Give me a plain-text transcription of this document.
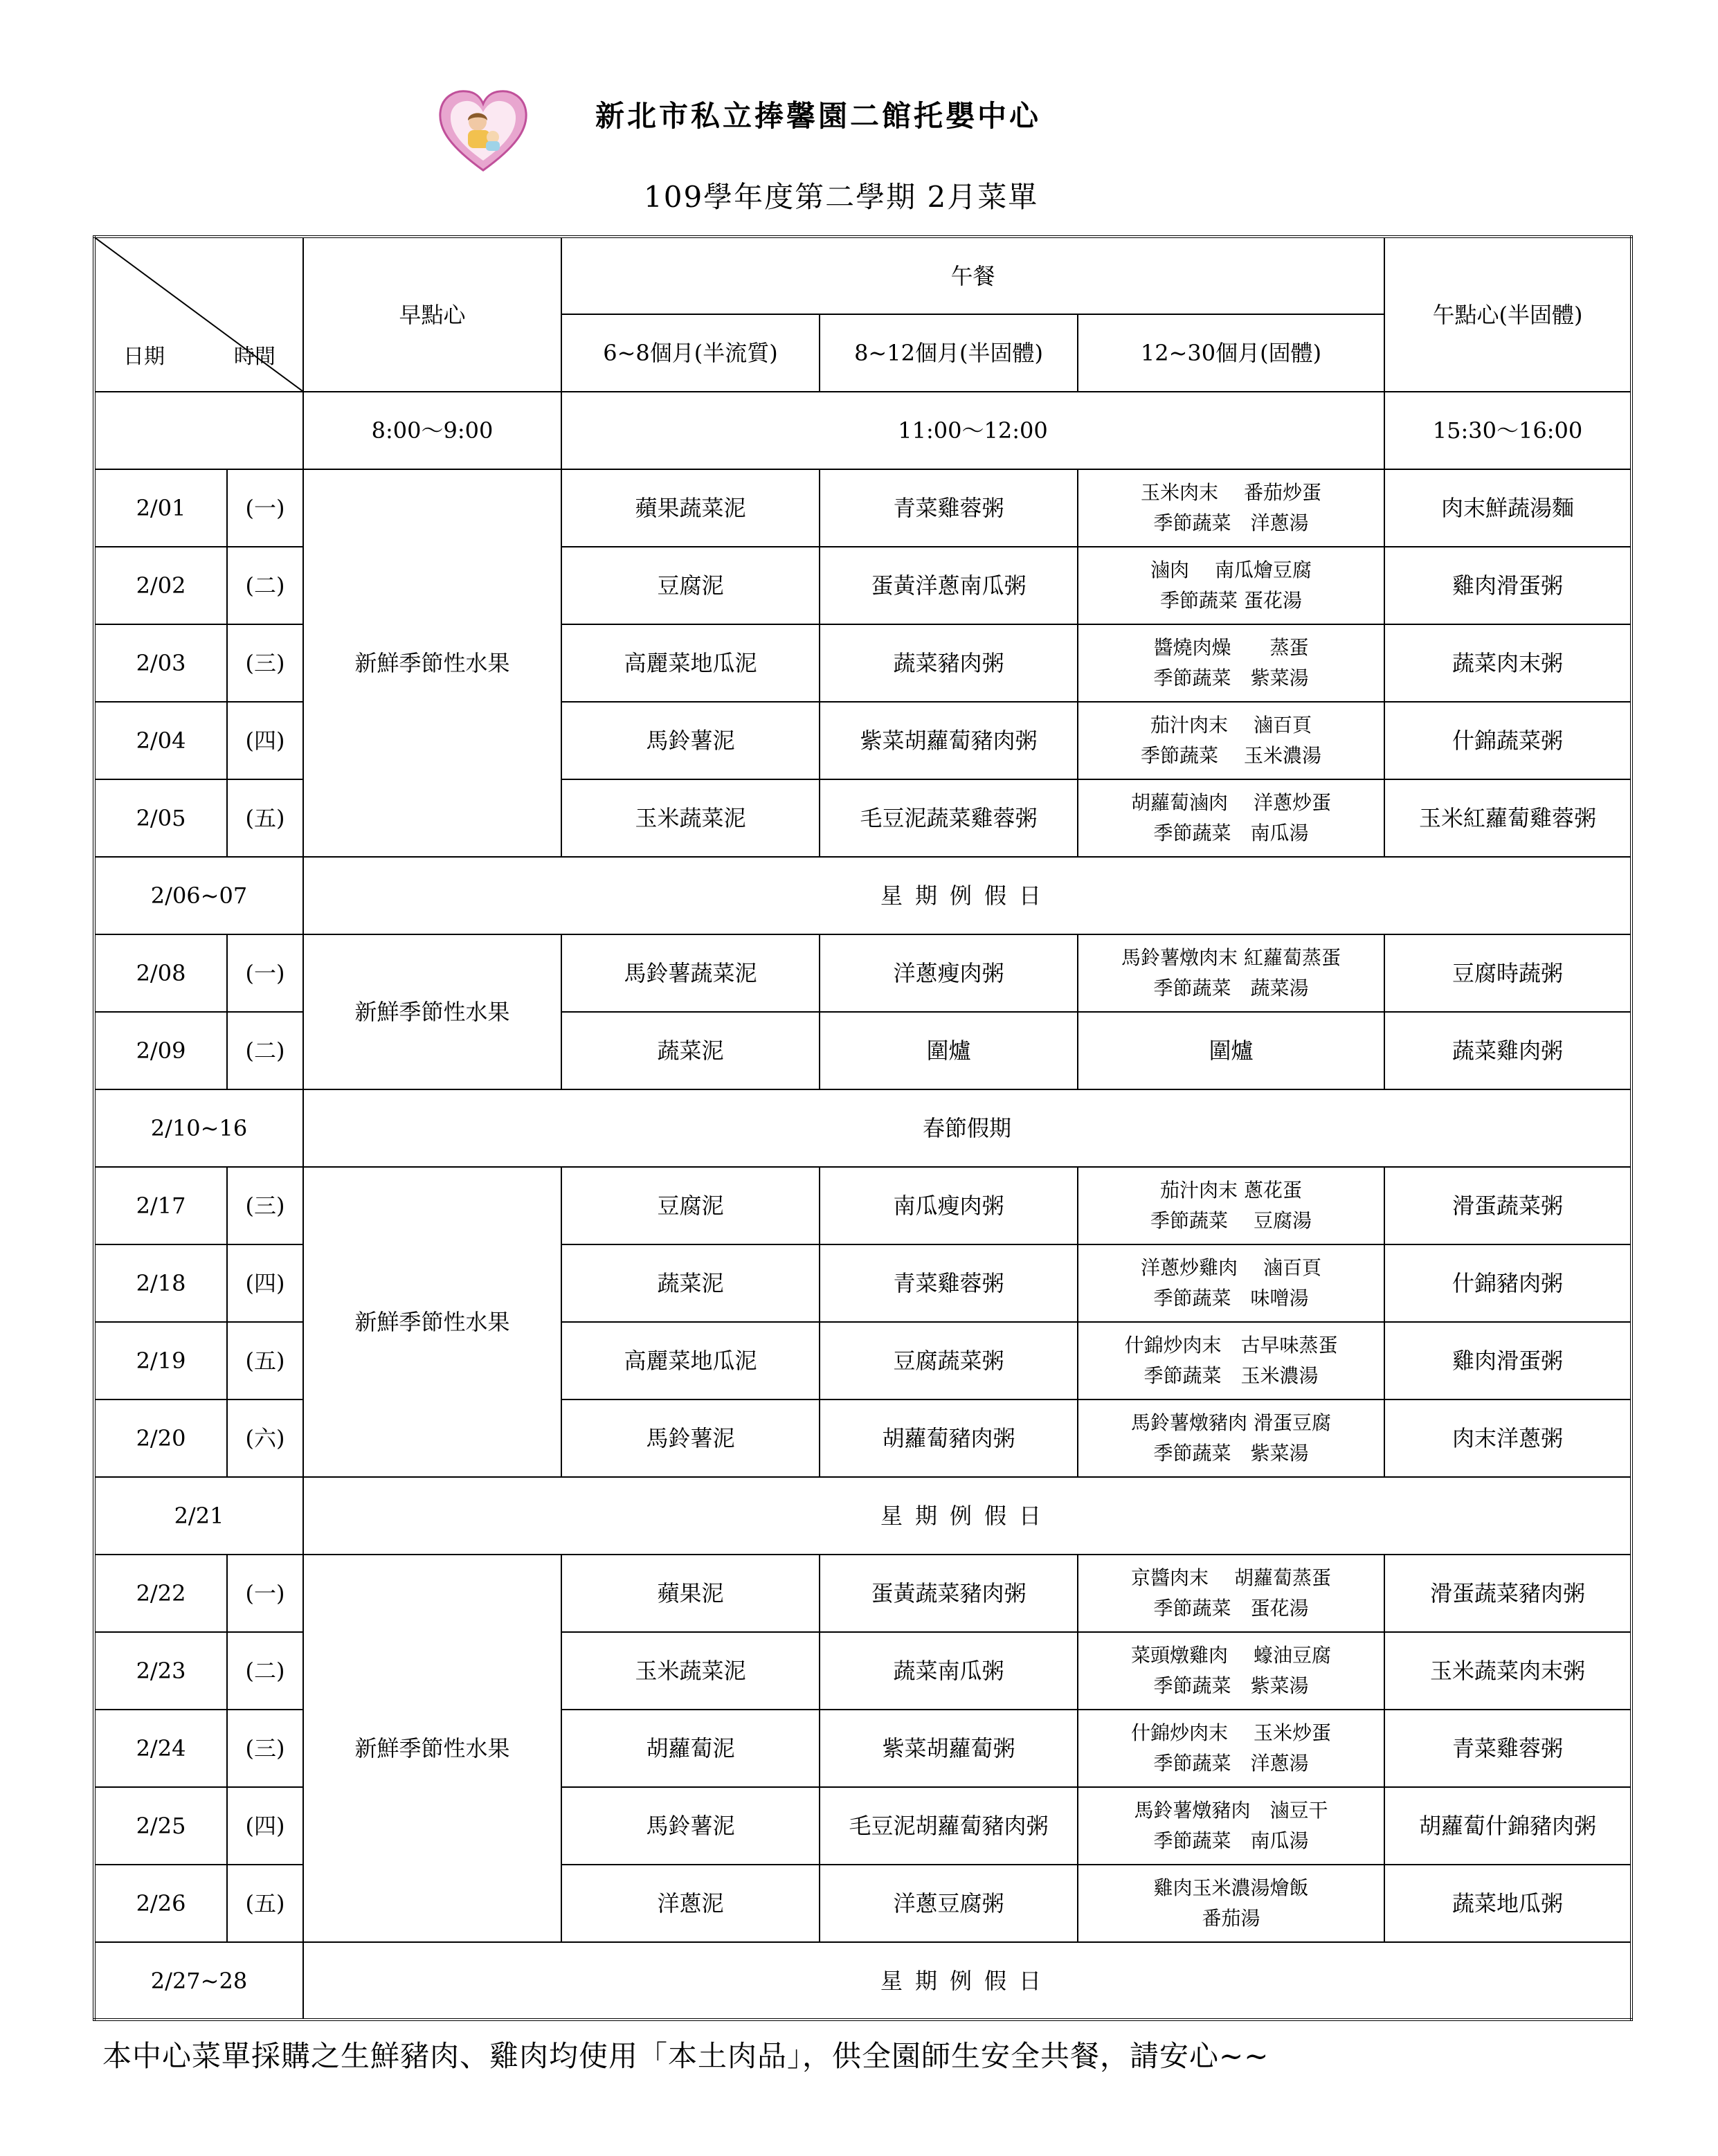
新北市私立捧馨園二館托嬰中心
109學年度第二學期 2月菜單
日期 時間		早點心	午餐			午點心(半固體)
			6~8個月(半流質)	8~12個月(半固體)	12~30個月(固體)	
		8:00～9:00	11:00～12:00			15:30～16:00
2/01	(一)	新鮮季節性水果	蘋果蔬菜泥	青菜雞蓉粥	玉米肉末　 番茄炒蛋
季節蔬菜　洋蔥湯	肉末鮮蔬湯麵
2/02	(二)		豆腐泥	蛋黃洋蔥南瓜粥	滷肉　 南瓜燴豆腐
季節蔬菜 蛋花湯	雞肉滑蛋粥
2/03	(三)		高麗菜地瓜泥	蔬菜豬肉粥	醬燒肉燥　　蒸蛋
季節蔬菜　紫菜湯	蔬菜肉末粥
2/04	(四)		馬鈴薯泥	紫菜胡蘿蔔豬肉粥	茄汁肉末　 滷百頁
季節蔬菜　 玉米濃湯	什錦蔬菜粥
2/05	(五)		玉米蔬菜泥	毛豆泥蔬菜雞蓉粥	胡蘿蔔滷肉　 洋蔥炒蛋
季節蔬菜　南瓜湯	玉米紅蘿蔔雞蓉粥
2/06~07		星期例假日				
2/08	(一)	新鮮季節性水果	馬鈴薯蔬菜泥	洋蔥瘦肉粥	馬鈴薯燉肉末 紅蘿蔔蒸蛋
季節蔬菜　蔬菜湯	豆腐時蔬粥
2/09	(二)		蔬菜泥	圍爐	圍爐	蔬菜雞肉粥
2/10~16		春節假期				
2/17	(三)	新鮮季節性水果	豆腐泥	南瓜瘦肉粥	茄汁肉末 蔥花蛋
季節蔬菜　 豆腐湯	滑蛋蔬菜粥
2/18	(四)		蔬菜泥	青菜雞蓉粥	洋蔥炒雞肉　 滷百頁
季節蔬菜　味噌湯	什錦豬肉粥
2/19	(五)		高麗菜地瓜泥	豆腐蔬菜粥	什錦炒肉末　古早味蒸蛋
季節蔬菜　玉米濃湯	雞肉滑蛋粥
2/20	(六)		馬鈴薯泥	胡蘿蔔豬肉粥	馬鈴薯燉豬肉 滑蛋豆腐
季節蔬菜　紫菜湯	肉末洋蔥粥
2/21		星期例假日				
2/22	(一)	新鮮季節性水果	蘋果泥	蛋黃蔬菜豬肉粥	京醬肉末　 胡蘿蔔蒸蛋
季節蔬菜　蛋花湯	滑蛋蔬菜豬肉粥
2/23	(二)		玉米蔬菜泥	蔬菜南瓜粥	菜頭燉雞肉　 蠔油豆腐
季節蔬菜　紫菜湯	玉米蔬菜肉末粥
2/24	(三)		胡蘿蔔泥	紫菜胡蘿蔔粥	什錦炒肉末　 玉米炒蛋
季節蔬菜　洋蔥湯	青菜雞蓉粥
2/25	(四)		馬鈴薯泥	毛豆泥胡蘿蔔豬肉粥	馬鈴薯燉豬肉　滷豆干
季節蔬菜　南瓜湯	胡蘿蔔什錦豬肉粥
2/26	(五)		洋蔥泥	洋蔥豆腐粥	雞肉玉米濃湯燴飯
番茄湯	蔬菜地瓜粥
2/27~28		星期例假日				
本中心菜單採購之生鮮豬肉、雞肉均使用「本土肉品」，供全園師生安全共餐，請安心~~
